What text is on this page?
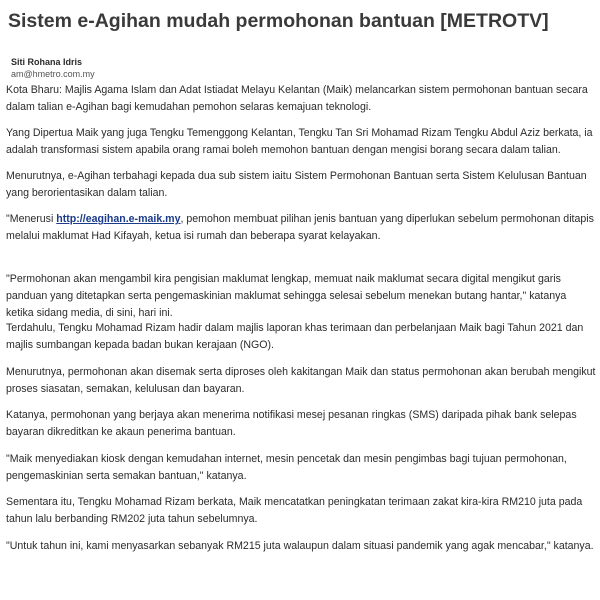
Sistem e-Agihan mudah permohonan bantuan [METROTV]
Siti Rohana Idris
am@hmetro.com.my

Kota Bharu: Majlis Agama Islam dan Adat Istiadat Melayu Kelantan (Maik) melancarkan sistem permohonan bantuan secara dalam talian e-Agihan bagi kemudahan pemohon selaras kemajuan teknologi.

Yang Dipertua Maik yang juga Tengku Temenggong Kelantan, Tengku Tan Sri Mohamad Rizam Tengku Abdul Aziz berkata, ia adalah transformasi sistem apabila orang ramai boleh memohon bantuan dengan mengisi borang secara dalam talian.

Menurutnya, e-Agihan terbahagi kepada dua sub sistem iaitu Sistem Permohonan Bantuan serta Sistem Kelulusan Bantuan yang berorientasikan dalam talian.

"Menerusi http://eagihan.e-maik.my, pemohon membuat pilihan jenis bantuan yang diperlukan sebelum permohonan ditapis melalui maklumat Had Kifayah, ketua isi rumah dan beberapa syarat kelayakan.

"Permohonan akan mengambil kira pengisian maklumat lengkap, memuat naik maklumat secara digital mengikut garis panduan yang ditetapkan serta pengemaskinian maklumat sehingga selesai sebelum menekan butang hantar," katanya ketika sidang media, di sini, hari ini.

Terdahulu, Tengku Mohamad Rizam hadir dalam majlis laporan khas terimaan dan perbelanjaan Maik bagi Tahun 2021 dan majlis sumbangan kepada badan bukan kerajaan (NGO).

Menurutnya, permohonan akan disemak serta diproses oleh kakitangan Maik dan status permohonan akan berubah mengikut proses siasatan, semakan, kelulusan dan bayaran.

Katanya, permohonan yang berjaya akan menerima notifikasi mesej pesanan ringkas (SMS) daripada pihak bank selepas bayaran dikreditkan ke akaun penerima bantuan.

"Maik menyediakan kiosk dengan kemudahan internet, mesin pencetak dan mesin pengimbas bagi tujuan permohonan, pengemaskinian serta semakan bantuan," katanya.

Sementara itu, Tengku Mohamad Rizam berkata, Maik mencatatkan peningkatan terimaan zakat kira-kira RM210 juta pada tahun lalu berbanding RM202 juta tahun sebelumnya.

"Untuk tahun ini, kami menyasarkan sebanyak RM215 juta walaupun dalam situasi pandemik yang agak mencabar," katanya.
